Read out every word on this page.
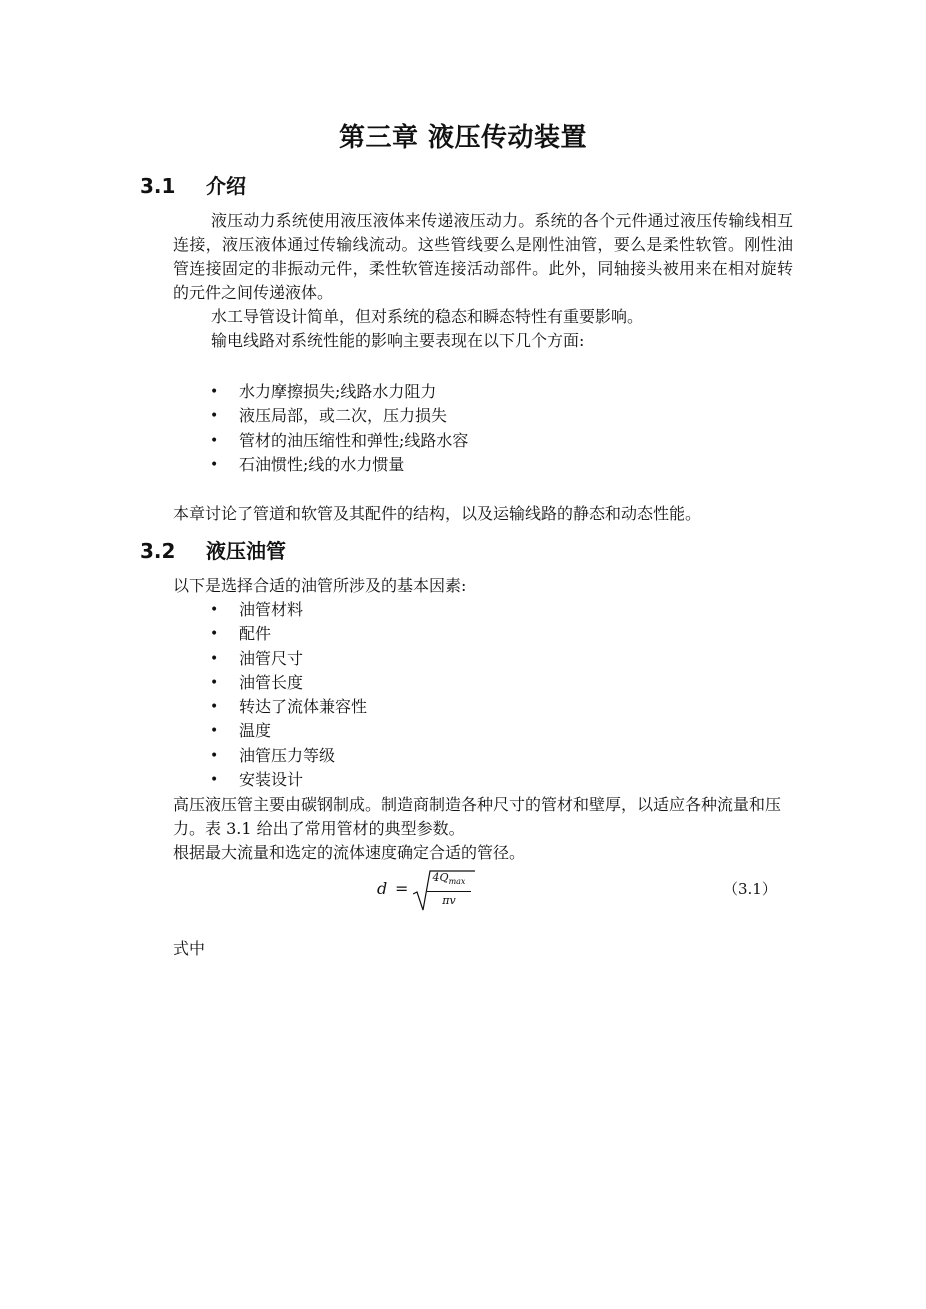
第三章 液压传动装置
3.1 介绍

液压动力系统使用液压液体来传递液压动力。系统的各个元件通过液压传输线相互连接，液压液体通过传输线流动。这些管线要么是刚性油管，要么是柔性软管。刚性油管连接固定的非振动元件，柔性软管连接活动部件。此外，同轴接头被用来在相对旋转的元件之间传递液体。

水工导管设计简单，但对系统的稳态和瞬态特性有重要影响。

输电线路对系统性能的影响主要表现在以下几个方面:

• 水力摩擦损失;线路水力阻力
• 液压局部，或二次，压力损失
• 管材的油压缩性和弹性;线路水容
• 石油惯性;线的水力惯量
本章讨论了管道和软管及其配件的结构，以及运输线路的静态和动态性能。
3.2 液压油管
以下是选择合适的油管所涉及的基本因素:
• 油管材料
• 配件
• 油管尺寸
• 油管长度
• 转达了流体兼容性
• 温度
• 油管压力等级
• 安装设计

高压液压管主要由碳钢制成。制造商制造各种尺寸的管材和壁厚，以适应各种流量和压力。表 3.1 给出了常用管材的典型参数。

根据最大流量和选定的流体速度确定合适的管径。

d =
$4Q_{max}$
πv
（3.1）
式中
